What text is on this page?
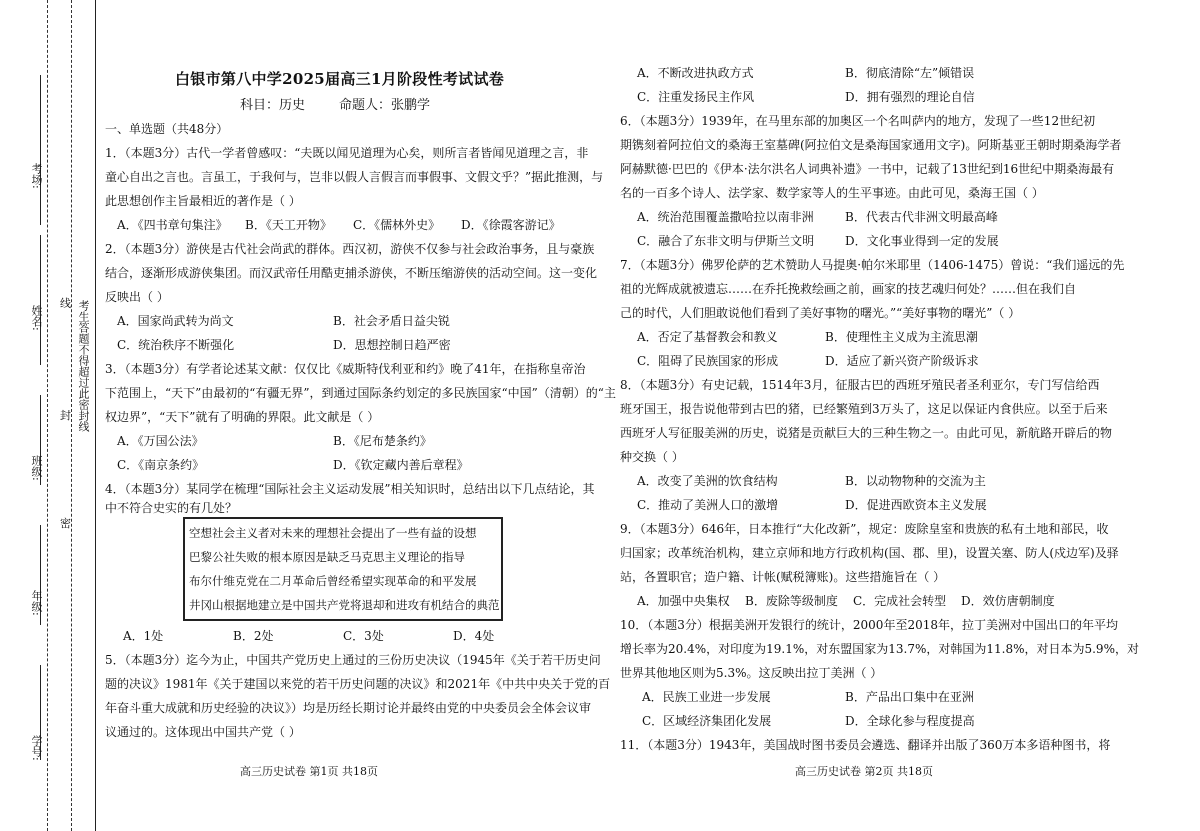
考场:
姓名:
班级:
年级:
学号:
线
封
密
考生答题不得超过此密封线
白银市第八中学2025届高三1月阶段性考试试卷
科目：历史	命题人：张鹏学
一、单选题（共48分）
1．（本题3分）古代一学者曾感叹：“夫既以闻见道理为心矣，则所言者皆闻见道理之言，非
童心自出之言也。言虽工，于我何与，岂非以假人言假言而事假事、文假文乎？”据此推测，与
此思想创作主旨最相近的著作是（ ）
A．《四书章句集注》 B．《天工开物》 C．《儒林外史》 D．《徐霞客游记》
2．（本题3分）游侠是古代社会尚武的群体。西汉初，游侠不仅参与社会政治事务，且与豪族
结合，逐渐形成游侠集团。而汉武帝任用酷吏捕杀游侠，不断压缩游侠的活动空间。这一变化
反映出（ ）
A．国家尚武转为尚文	B．社会矛盾日益尖锐
C．统治秩序不断强化	D．思想控制日趋严密
3．（本题3分）有学者论述某文献：仅仅比《威斯特伐利亚和约》晚了41年，在指称皇帝治
下范围上，“天下”由最初的“有疆无界”，到通过国际条约划定的多民族国家“中国”（清朝）的“主
权边界”，“天下”就有了明确的界限。此文献是（ ）
A．《万国公法》	B．《尼布楚条约》
C．《南京条约》	D．《钦定藏内善后章程》
4．（本题3分）某同学在梳理“国际社会主义运动发展”相关知识时，总结出以下几点结论，其
中不符合史实的有几处？
空想社会主义者对未来的理想社会提出了一些有益的设想
巴黎公社失败的根本原因是缺乏马克思主义理论的指导
布尔什维克党在二月革命后曾经希望实现革命的和平发展
井冈山根据地建立是中国共产党将退却和进攻有机结合的典范
A．1处	B．2处	C．3处	D．4处
5．（本题3分）迄今为止，中国共产党历史上通过的三份历史决议（1945年《关于若干历史问
题的决议》1981年《关于建国以来党的若干历史问题的决议》和2021年《中共中央关于党的百
年奋斗重大成就和历史经验的决议》）均是历经长期讨论并最终由党的中央委员会全体会议审
议通过的。这体现出中国共产党（ ）
高三历史试卷 第1页 共18页
A．不断改进执政方式	B．彻底清除“左”倾错误
C．注重发扬民主作风	D．拥有强烈的理论自信
6．（本题3分）1939年，在马里东部的加奥区一个名叫萨内的地方，发现了一些12世纪初
期镌刻着阿拉伯文的桑海王室墓碑(阿拉伯文是桑海国家通用文字)。阿斯基亚王朝时期桑海学者
阿赫默德·巴巴的《伊本·法尔洪名人词典补遗》一书中，记载了13世纪到16世纪中期桑海最有
名的一百多个诗人、法学家、数学家等人的生平事迹。由此可见，桑海王国（ ）
A．统治范围覆盖撒哈拉以南非洲	B．代表古代非洲文明最高峰
C．融合了东非文明与伊斯兰文明	D．文化事业得到一定的发展
7．（本题3分）佛罗伦萨的艺术赞助人马提奥·帕尔米耶里（1406-1475）曾说：“我们遥远的先
祖的光辉成就被遗忘……在乔托挽救绘画之前，画家的技艺魂归何处？……但在我们自
己的时代，人们胆敢说他们看到了美好事物的曙光。”“美好事物的曙光”（ ）
A．否定了基督教会和教义	B．使理性主义成为主流思潮
C．阻碍了民族国家的形成	D．适应了新兴资产阶级诉求
8．（本题3分）有史记载，1514年3月，征服古巴的西班牙殖民者圣利亚尔，专门写信给西
班牙国王，报告说他带到古巴的猪，已经繁殖到3万头了，这足以保证内食供应。以至于后来
西班牙人写征服美洲的历史，说猪是贡献巨大的三种生物之一。由此可见，新航路开辟后的物
种交换（ ）
A．改变了美洲的饮食结构	B．以动物物种的交流为主
C．推动了美洲人口的激增	D．促进西欧资本主义发展
9．（本题3分）646年，日本推行“大化改新”，规定：废除皇室和贵族的私有土地和部民，收
归国家；改革统治机构，建立京师和地方行政机构(国、郡、里)，设置关塞、防人(戍边军)及驿
站，各置职官；造户籍、计帐(赋税簿账)。这些措施旨在（ ）
A．加强中央集权 B．废除等级制度 C．完成社会转型 D．效仿唐朝制度
10．（本题3分）根据美洲开发银行的统计，2000年至2018年，拉丁美洲对中国出口的年平均
增长率为20.4%，对印度为19.1%，对东盟国家为13.7%，对韩国为11.8%，对日本为5.9%，对
世界其他地区则为5.3%。这反映出拉丁美洲（ ）
A．民族工业进一步发展	B．产品出口集中在亚洲
C．区域经济集团化发展	D．全球化参与程度提高
11．（本题3分）1943年，美国战时图书委员会遴选、翻译并出版了360万本多语种图书，将
高三历史试卷 第2页 共18页
